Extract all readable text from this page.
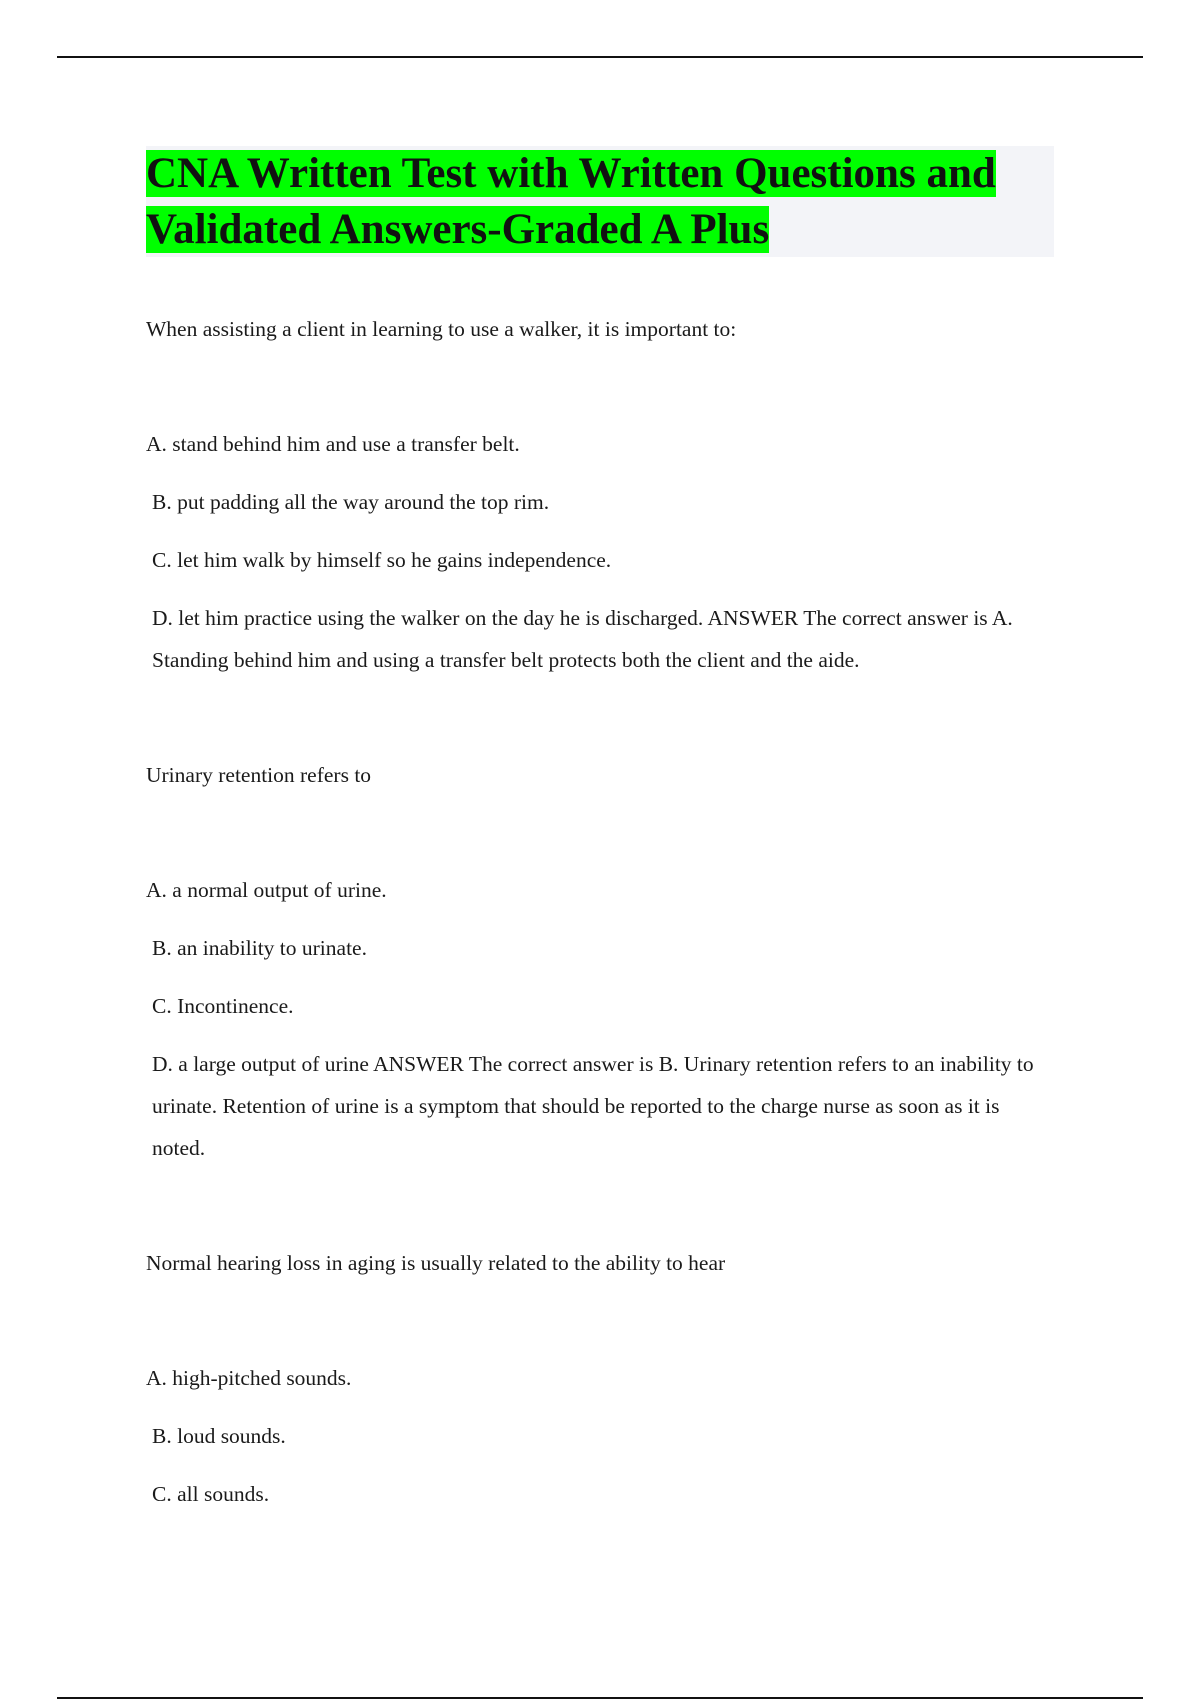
CNA Written Test with Written Questions and Validated Answers-Graded A Plus

When assisting a client in learning to use a walker, it is important to:

A. stand behind him and use a transfer belt.

B. put padding all the way around the top rim.

C. let him walk by himself so he gains independence.

D. let him practice using the walker on the day he is discharged. ANSWER The correct answer is A. Standing behind him and using a transfer belt protects both the client and the aide.

Urinary retention refers to

A. a normal output of urine.

B. an inability to urinate.

C. Incontinence.

D. a large output of urine ANSWER The correct answer is B. Urinary retention refers to an inability to urinate. Retention of urine is a symptom that should be reported to the charge nurse as soon as it is noted.

Normal hearing loss in aging is usually related to the ability to hear

A. high-pitched sounds.

B. loud sounds.

C. all sounds.
